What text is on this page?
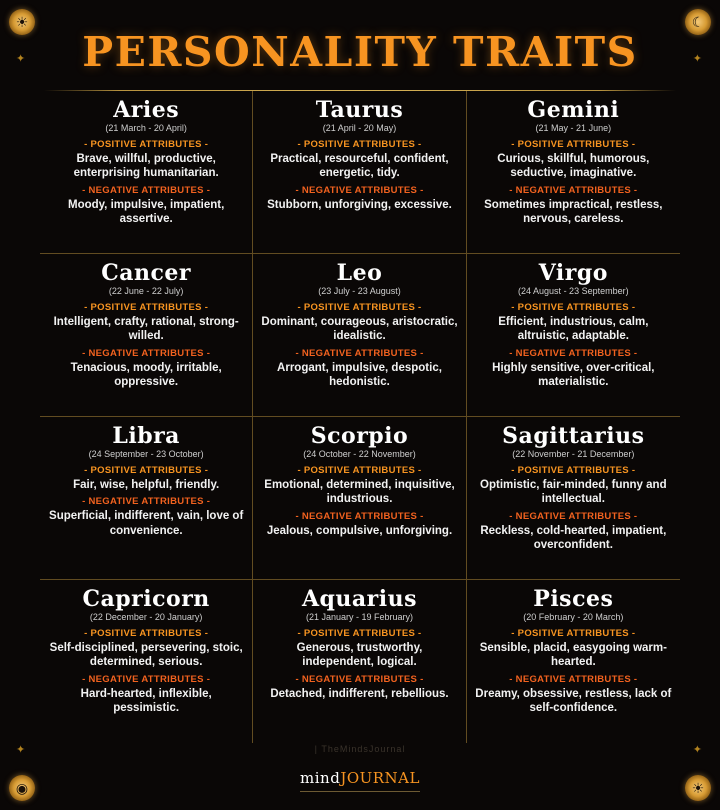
☀	☾
◉	☀
✦	✦
✦	✦
PERSONALITY TRAITS
Aries
(21 March - 20 April)
- POSITIVE ATTRIBUTES -
Brave, willful, productive, enterprising humanitarian.
- NEGATIVE ATTRIBUTES -
Moody, impulsive, impatient, assertive.
Taurus
(21 April - 20 May)
- POSITIVE ATTRIBUTES -
Practical, resourceful, confident, energetic, tidy.
- NEGATIVE ATTRIBUTES -
Stubborn, unforgiving, excessive.
Gemini
(21 May - 21 June)
- POSITIVE ATTRIBUTES -
Curious, skillful, humorous, seductive, imaginative.
- NEGATIVE ATTRIBUTES -
Sometimes impractical, restless, nervous, careless.
Cancer
(22 June - 22 July)
- POSITIVE ATTRIBUTES -
Intelligent, crafty, rational, strong-willed.
- NEGATIVE ATTRIBUTES -
Tenacious, moody, irritable, oppressive.
Leo
(23 July - 23 August)
- POSITIVE ATTRIBUTES -
Dominant, courageous, aristocratic, idealistic.
- NEGATIVE ATTRIBUTES -
Arrogant, impulsive, despotic, hedonistic.
Virgo
(24 August - 23 September)
- POSITIVE ATTRIBUTES -
Efficient, industrious, calm, altruistic, adaptable.
- NEGATIVE ATTRIBUTES -
Highly sensitive, over-critical, materialistic.
Libra
(24 September - 23 October)
- POSITIVE ATTRIBUTES -
Fair, wise, helpful, friendly.
- NEGATIVE ATTRIBUTES -
Superficial, indifferent, vain, love of convenience.
Scorpio
(24 October - 22 November)
- POSITIVE ATTRIBUTES -
Emotional, determined, inquisitive, industrious.
- NEGATIVE ATTRIBUTES -
Jealous, compulsive, unforgiving.
Sagittarius
(22 November - 21 December)
- POSITIVE ATTRIBUTES -
Optimistic, fair-minded, funny and intellectual.
- NEGATIVE ATTRIBUTES -
Reckless, cold-hearted, impatient, overconfident.
Capricorn
(22 December - 20 January)
- POSITIVE ATTRIBUTES -
Self-disciplined, persevering, stoic, determined, serious.
- NEGATIVE ATTRIBUTES -
Hard-hearted, inflexible, pessimistic.
Aquarius
(21 January - 19 February)
- POSITIVE ATTRIBUTES -
Generous, trustworthy, independent, logical.
- NEGATIVE ATTRIBUTES -
Detached, indifferent, rebellious.
Pisces
(20 February - 20 March)
- POSITIVE ATTRIBUTES -
Sensible, placid, easygoing warm-hearted.
- NEGATIVE ATTRIBUTES -
Dreamy, obsessive, restless, lack of self-confidence.
| TheMindsJournal
mindJOURNAL
